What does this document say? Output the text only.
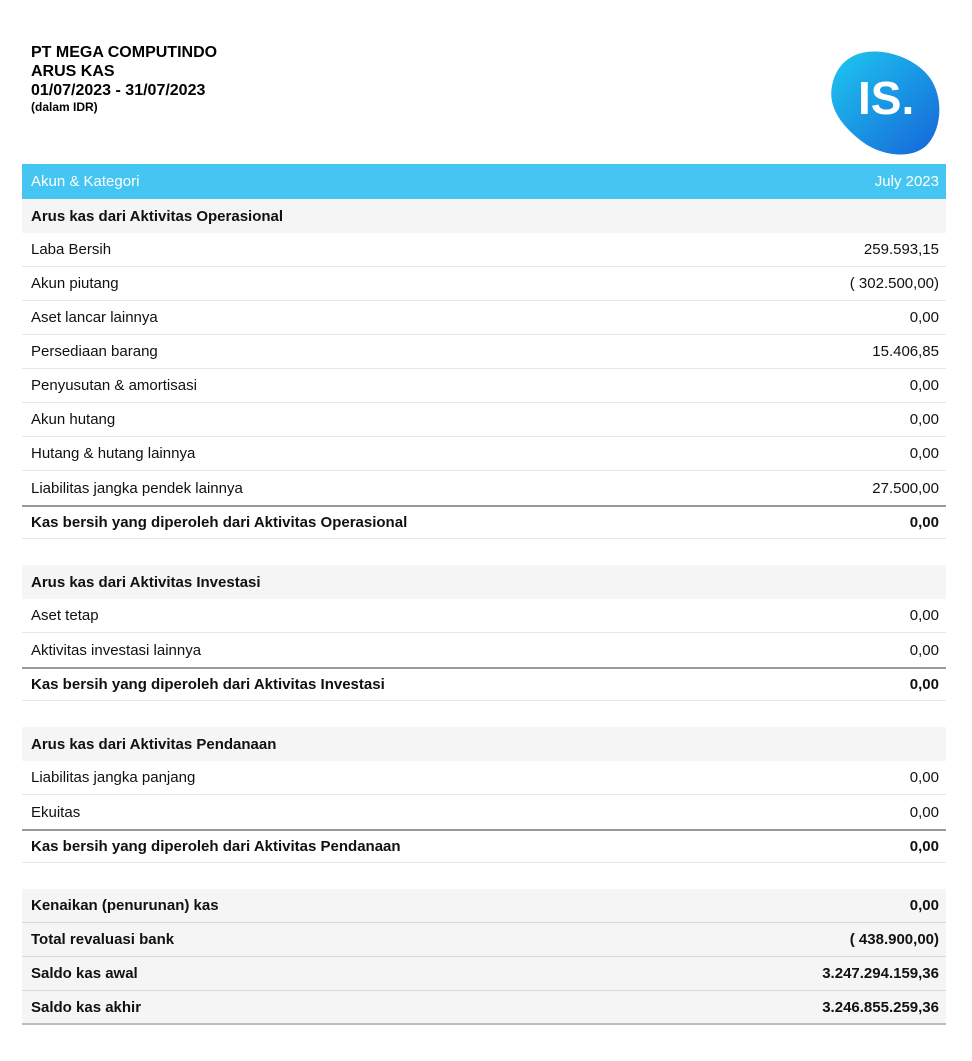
PT MEGA COMPUTINDO
ARUS KAS
01/07/2023 - 31/07/2023
(dalam IDR)	IS.
Akun & Kategori	July 2023
Arus kas dari Aktivitas Operasional
Laba Bersih	259.593,15
Akun piutang	( 302.500,00)
Aset lancar lainnya	0,00
Persediaan barang	15.406,85
Penyusutan & amortisasi	0,00
Akun hutang	0,00
Hutang & hutang lainnya	0,00
Liabilitas jangka pendek lainnya	27.500,00
Kas bersih yang diperoleh dari Aktivitas Operasional	0,00
Arus kas dari Aktivitas Investasi
Aset tetap	0,00
Aktivitas investasi lainnya	0,00
Kas bersih yang diperoleh dari Aktivitas Investasi	0,00
Arus kas dari Aktivitas Pendanaan
Liabilitas jangka panjang	0,00
Ekuitas	0,00
Kas bersih yang diperoleh dari Aktivitas Pendanaan	0,00
Kenaikan (penurunan) kas	0,00
Total revaluasi bank	( 438.900,00)
Saldo kas awal	3.247.294.159,36
Saldo kas akhir	3.246.855.259,36
